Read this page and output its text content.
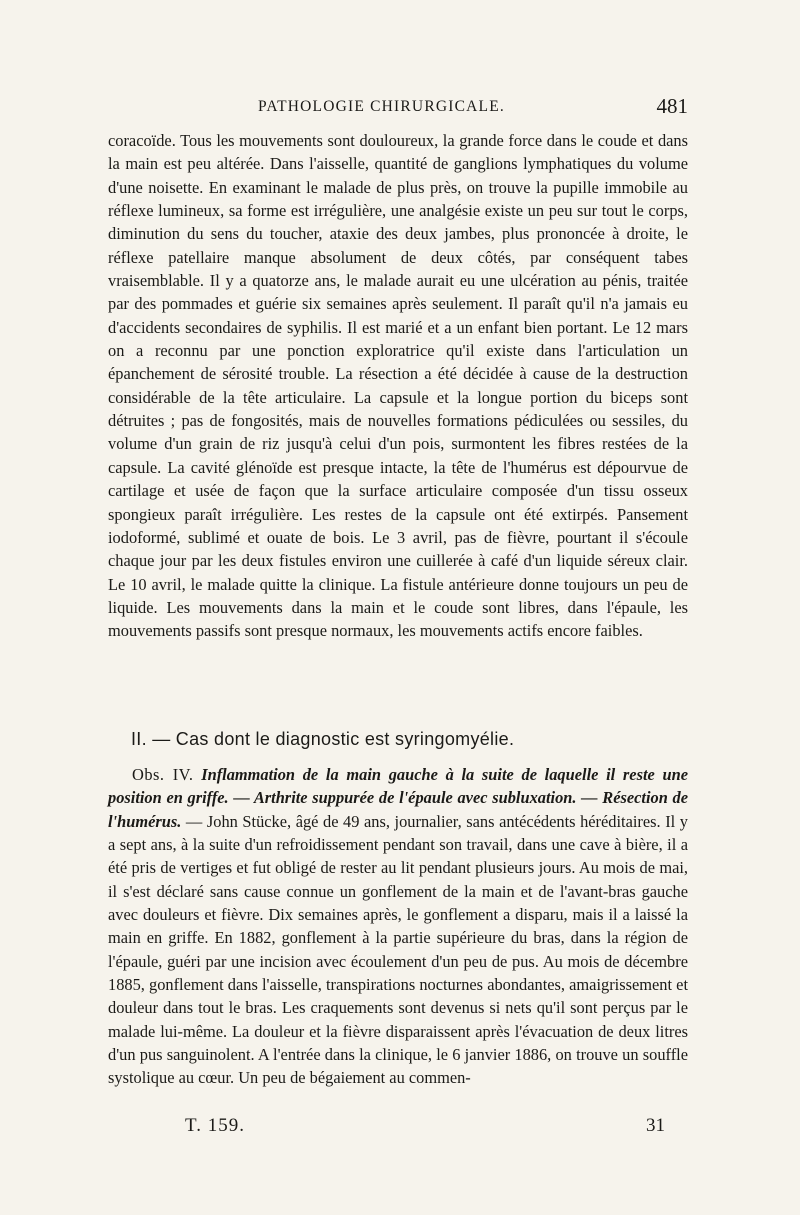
PATHOLOGIE CHIRURGICALE.	481

coracoïde. Tous les mouvements sont douloureux, la grande force dans le coude et dans la main est peu altérée. Dans l'aisselle, quantité de ganglions lymphatiques du volume d'une noisette. En examinant le malade de plus près, on trouve la pupille immobile au réflexe lumineux, sa forme est irrégulière, une analgésie existe un peu sur tout le corps, diminution du sens du toucher, ataxie des deux jambes, plus prononcée à droite, le réflexe patellaire manque absolument de deux côtés, par conséquent tabes vraisemblable. Il y a quatorze ans, le malade aurait eu une ulcération au pénis, traitée par des pommades et guérie six semaines après seulement. Il paraît qu'il n'a jamais eu d'accidents secondaires de syphilis. Il est marié et a un enfant bien portant. Le 12 mars on a reconnu par une ponction exploratrice qu'il existe dans l'articulation un épanchement de sérosité trouble. La résection a été décidée à cause de la destruction considérable de la tête articulaire. La capsule et la longue portion du biceps sont détruites ; pas de fongosités, mais de nouvelles formations pédiculées ou sessiles, du volume d'un grain de riz jusqu'à celui d'un pois, surmontent les fibres restées de la capsule. La cavité glénoïde est presque intacte, la tête de l'humérus est dépourvue de cartilage et usée de façon que la surface articulaire composée d'un tissu osseux spongieux paraît irrégulière. Les restes de la capsule ont été extirpés. Pansement iodoformé, sublimé et ouate de bois. Le 3 avril, pas de fièvre, pourtant il s'écoule chaque jour par les deux fistules environ une cuillerée à café d'un liquide séreux clair. Le 10 avril, le malade quitte la clinique. La fistule antérieure donne toujours un peu de liquide. Les mouvements dans la main et le coude sont libres, dans l'épaule, les mouvements passifs sont presque normaux, les mouvements actifs encore faibles.

II. — Cas dont le diagnostic est syringomyélie.
Obs. IV. Inflammation de la main gauche à la suite de laquelle il reste une position en griffe. — Arthrite suppurée de l'épaule avec subluxation. — Résection de l'humérus. — John Stücke, âgé de 49 ans, journalier, sans antécédents héréditaires. Il y a sept ans, à la suite d'un refroidissement pendant son travail, dans une cave à bière, il a été pris de vertiges et fut obligé de rester au lit pendant plusieurs jours. Au mois de mai, il s'est déclaré sans cause connue un gonflement de la main et de l'avant-bras gauche avec douleurs et fièvre. Dix semaines après, le gonflement a disparu, mais il a laissé la main en griffe. En 1882, gonflement à la partie supérieure du bras, dans la région de l'épaule, guéri par une incision avec écoulement d'un peu de pus. Au mois de décembre 1885, gonflement dans l'aisselle, transpirations nocturnes abondantes, amaigrissement et douleur dans tout le bras. Les craquements sont devenus si nets qu'il sont perçus par le malade lui-même. La douleur et la fièvre disparaissent après l'évacuation de deux litres d'un pus sanguinolent. A l'entrée dans la clinique, le 6 janvier 1886, on trouve un souffle systolique au cœur. Un peu de bégaiement au commen-
T. 159.	31
